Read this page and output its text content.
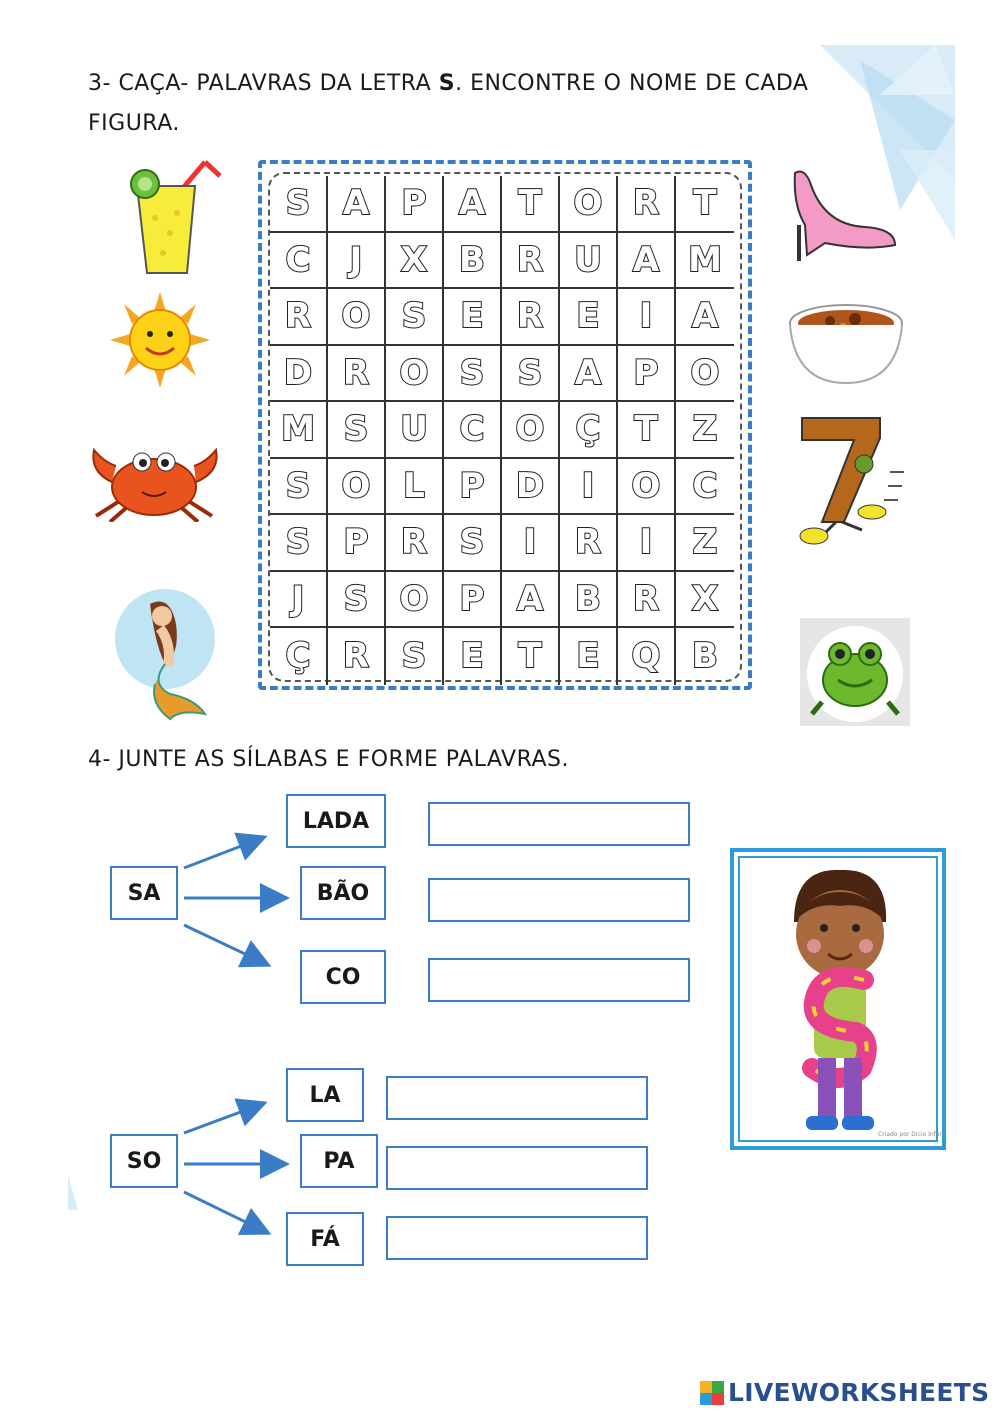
3- CAÇA- PALAVRAS DA LETRA S. ENCONTRE O NOME DE CADA FIGURA.
S A P A T O R T
C J X B R U A M
R O S E R E I A
D R O S S A P O
M S U C O Ç T Z
S O L P D I O C
S P R S I R I Z
J S O P A B R X
Ç R S E T E Q B
4- JUNTE AS SÍLABAS E FORME PALAVRAS.
SA
LADA
BÃO
CO
SO
LA
PA
FÁ
Criado por Dicio Infan
LIVEWORKSHEETS
